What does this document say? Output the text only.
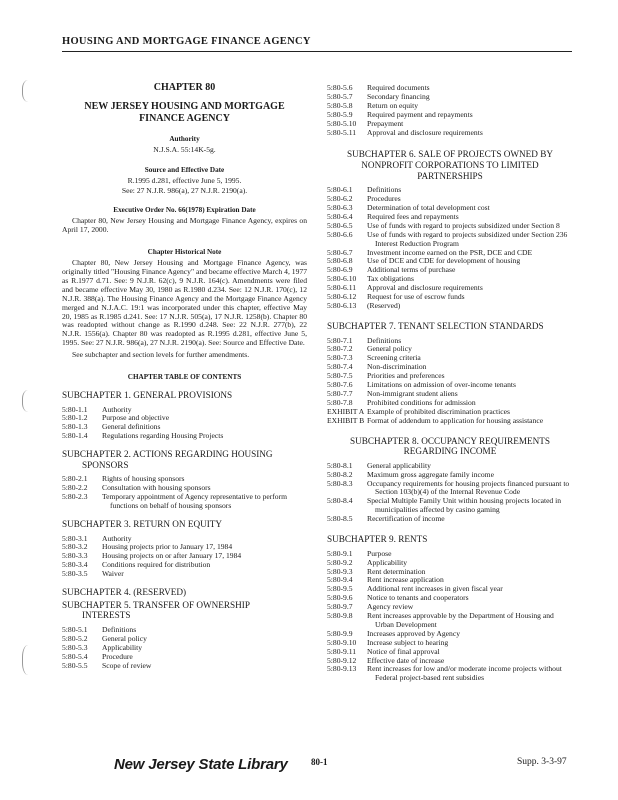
HOUSING AND MORTGAGE FINANCE AGENCY
CHAPTER 80
NEW JERSEY HOUSING AND MORTGAGE FINANCE AGENCY
Authority
N.J.S.A. 55:14K-5g.
Source and Effective Date
R.1995 d.281, effective June 5, 1995.
See: 27 N.J.R. 986(a), 27 N.J.R. 2190(a).
Executive Order No. 66(1978) Expiration Date
Chapter 80, New Jersey Housing and Mortgage Finance Agency, expires on April 17, 2000.
Chapter Historical Note
Chapter 80, New Jersey Housing and Mortgage Finance Agency, was originally titled "Housing Finance Agency" and became effective March 4, 1977 as R.1977 d.71. See: 9 N.J.R. 62(c), 9 N.J.R. 164(c). Amendments were filed and became effective May 30, 1980 as R.1980 d.234. See: 12 N.J.R. 170(c), 12 N.J.R. 388(a). The Housing Finance Agency and the Mortgage Finance Agency merged and N.J.A.C. 19:1 was incorporated under this chapter, effective May 20, 1985 as R.1985 d.241. See: 17 N.J.R. 505(a), 17 N.J.R. 1258(b). Chapter 80 was readopted without change as R.1990 d.248. See: 22 N.J.R. 277(b), 22 N.J.R. 1556(a). Chapter 80 was readopted as R.1995 d.281, effective June 5, 1995. See: 27 N.J.R. 986(a), 27 N.J.R. 2190(a). See: Source and Effective Date.
See subchapter and section levels for further amendments.
CHAPTER TABLE OF CONTENTS
SUBCHAPTER 1. GENERAL PROVISIONS
5:80-1.1	Authority
5:80-1.2	Purpose and objective
5:80-1.3	General definitions
5:80-1.4	Regulations regarding Housing Projects
SUBCHAPTER 2. ACTIONS REGARDING HOUSING
SPONSORS
5:80-2.1	Rights of housing sponsors
5:80-2.2	Consultation with housing sponsors
5:80-2.3	Temporary appointment of Agency representative to perform functions on behalf of housing sponsors
SUBCHAPTER 3. RETURN ON EQUITY
5:80-3.1	Authority
5:80-3.2	Housing projects prior to January 17, 1984
5:80-3.3	Housing projects on or after January 17, 1984
5:80-3.4	Conditions required for distribution
5:80-3.5	Waiver
SUBCHAPTER 4. (RESERVED)
SUBCHAPTER 5. TRANSFER OF OWNERSHIP
INTERESTS
5:80-5.1	Definitions
5:80-5.2	General policy
5:80-5.3	Applicability
5:80-5.4	Procedure
5:80-5.5	Scope of review
5:80-5.6	Required documents
5:80-5.7	Secondary financing
5:80-5.8	Return on equity
5:80-5.9	Required payment and repayments
5:80-5.10	Prepayment
5:80-5.11	Approval and disclosure requirements
SUBCHAPTER 6. SALE OF PROJECTS OWNED BY
NONPROFIT CORPORATIONS TO LIMITED
PARTNERSHIPS
5:80-6.1	Definitions
5:80-6.2	Procedures
5:80-6.3	Determination of total development cost
5:80-6.4	Required fees and repayments
5:80-6.5	Use of funds with regard to projects subsidized under Section 8
5:80-6.6	Use of funds with regard to projects subsidized under Section 236 Interest Reduction Program
5:80-6.7	Investment income earned on the PSR, DCE and CDE
5:80-6.8	Use of DCE and CDE for development of housing
5:80-6.9	Additional terms of purchase
5:80-6.10	Tax obligations
5:80-6.11	Approval and disclosure requirements
5:80-6.12	Request for use of escrow funds
5:80-6.13	(Reserved)
SUBCHAPTER 7. TENANT SELECTION STANDARDS
5:80-7.1	Definitions
5:80-7.2	General policy
5:80-7.3	Screening criteria
5:80-7.4	Non-discrimination
5:80-7.5	Priorities and preferences
5:80-7.6	Limitations on admission of over-income tenants
5:80-7.7	Non-immigrant student aliens
5:80-7.8	Prohibited conditions for admission
EXHIBIT A Example of prohibited discrimination practices
EXHIBIT B Format of addendum to application for housing assistance
SUBCHAPTER 8. OCCUPANCY REQUIREMENTS
REGARDING INCOME
5:80-8.1	General applicability
5:80-8.2	Maximum gross aggregate family income
5:80-8.3	Occupancy requirements for housing projects financed pursuant to Section 103(b)(4) of the Internal Revenue Code
5:80-8.4	Special Multiple Family Unit within housing projects located in municipalities affected by casino gaming
5:80-8.5	Recertification of income
SUBCHAPTER 9. RENTS
5:80-9.1	Purpose
5:80-9.2	Applicability
5:80-9.3	Rent determination
5:80-9.4	Rent increase application
5:80-9.5	Additional rent increases in given fiscal year
5:80-9.6	Notice to tenants and cooperators
5:80-9.7	Agency review
5:80-9.8	Rent increases approvable by the Department of Housing and Urban Development
5:80-9.9	Increases approved by Agency
5:80-9.10	Increase subject to hearing
5:80-9.11	Notice of final approval
5:80-9.12	Effective date of increase
5:80-9.13	Rent increases for low and/or moderate income projects without Federal project-based rent subsidies
New Jersey State Library	80-1	Supp. 3-3-97
